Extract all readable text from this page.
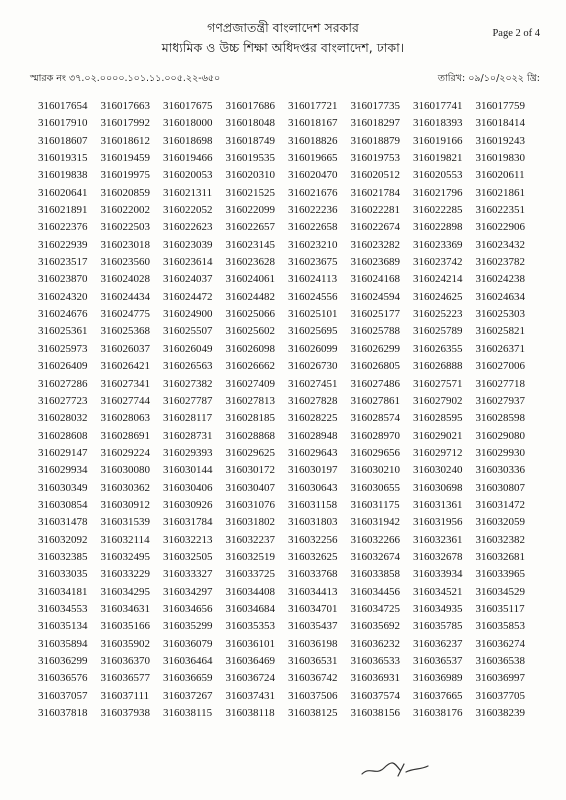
গণপ্রজাতন্ত্রী বাংলাদেশ সরকার
মাধ্যমিক ও উচ্চ শিক্ষা অধিদপ্তর বাংলাদেশ, ঢাকা।
Page 2 of 4
স্মারক নং ৩৭.০২.০০০০.১০১.১১.০০৫.২২-৬৫০	তারিখ: ০৯/১০/২০২২ খ্রি:
316017654	316017663	316017675	316017686	316017721	316017735	316017741	316017759
316017910	316017992	316018000	316018048	316018167	316018297	316018393	316018414
316018607	316018612	316018698	316018749	316018826	316018879	316019166	316019243
316019315	316019459	316019466	316019535	316019665	316019753	316019821	316019830
316019838	316019975	316020053	316020310	316020470	316020512	316020553	316020611
316020641	316020859	316021311	316021525	316021676	316021784	316021796	316021861
316021891	316022002	316022052	316022099	316022236	316022281	316022285	316022351
316022376	316022503	316022623	316022657	316022658	316022674	316022898	316022906
316022939	316023018	316023039	316023145	316023210	316023282	316023369	316023432
316023517	316023560	316023614	316023628	316023675	316023689	316023742	316023782
316023870	316024028	316024037	316024061	316024113	316024168	316024214	316024238
316024320	316024434	316024472	316024482	316024556	316024594	316024625	316024634
316024676	316024775	316024900	316025066	316025101	316025177	316025223	316025303
316025361	316025368	316025507	316025602	316025695	316025788	316025789	316025821
316025973	316026037	316026049	316026098	316026099	316026299	316026355	316026371
316026409	316026421	316026563	316026662	316026730	316026805	316026888	316027006
316027286	316027341	316027382	316027409	316027451	316027486	316027571	316027718
316027723	316027744	316027787	316027813	316027828	316027861	316027902	316027937
316028032	316028063	316028117	316028185	316028225	316028574	316028595	316028598
316028608	316028691	316028731	316028868	316028948	316028970	316029021	316029080
316029147	316029224	316029393	316029625	316029643	316029656	316029712	316029930
316029934	316030080	316030144	316030172	316030197	316030210	316030240	316030336
316030349	316030362	316030406	316030407	316030643	316030655	316030698	316030807
316030854	316030912	316030926	316031076	316031158	316031175	316031361	316031472
316031478	316031539	316031784	316031802	316031803	316031942	316031956	316032059
316032092	316032114	316032213	316032237	316032256	316032266	316032361	316032382
316032385	316032495	316032505	316032519	316032625	316032674	316032678	316032681
316033035	316033229	316033327	316033725	316033768	316033858	316033934	316033965
316034181	316034295	316034297	316034408	316034413	316034456	316034521	316034529
316034553	316034631	316034656	316034684	316034701	316034725	316034935	316035117
316035134	316035166	316035299	316035353	316035437	316035692	316035785	316035853
316035894	316035902	316036079	316036101	316036198	316036232	316036237	316036274
316036299	316036370	316036464	316036469	316036531	316036533	316036537	316036538
316036576	316036577	316036659	316036724	316036742	316036931	316036989	316036997
316037057	316037111	316037267	316037431	316037506	316037574	316037665	316037705
316037818	316037938	316038115	316038118	316038125	316038156	316038176	316038239
